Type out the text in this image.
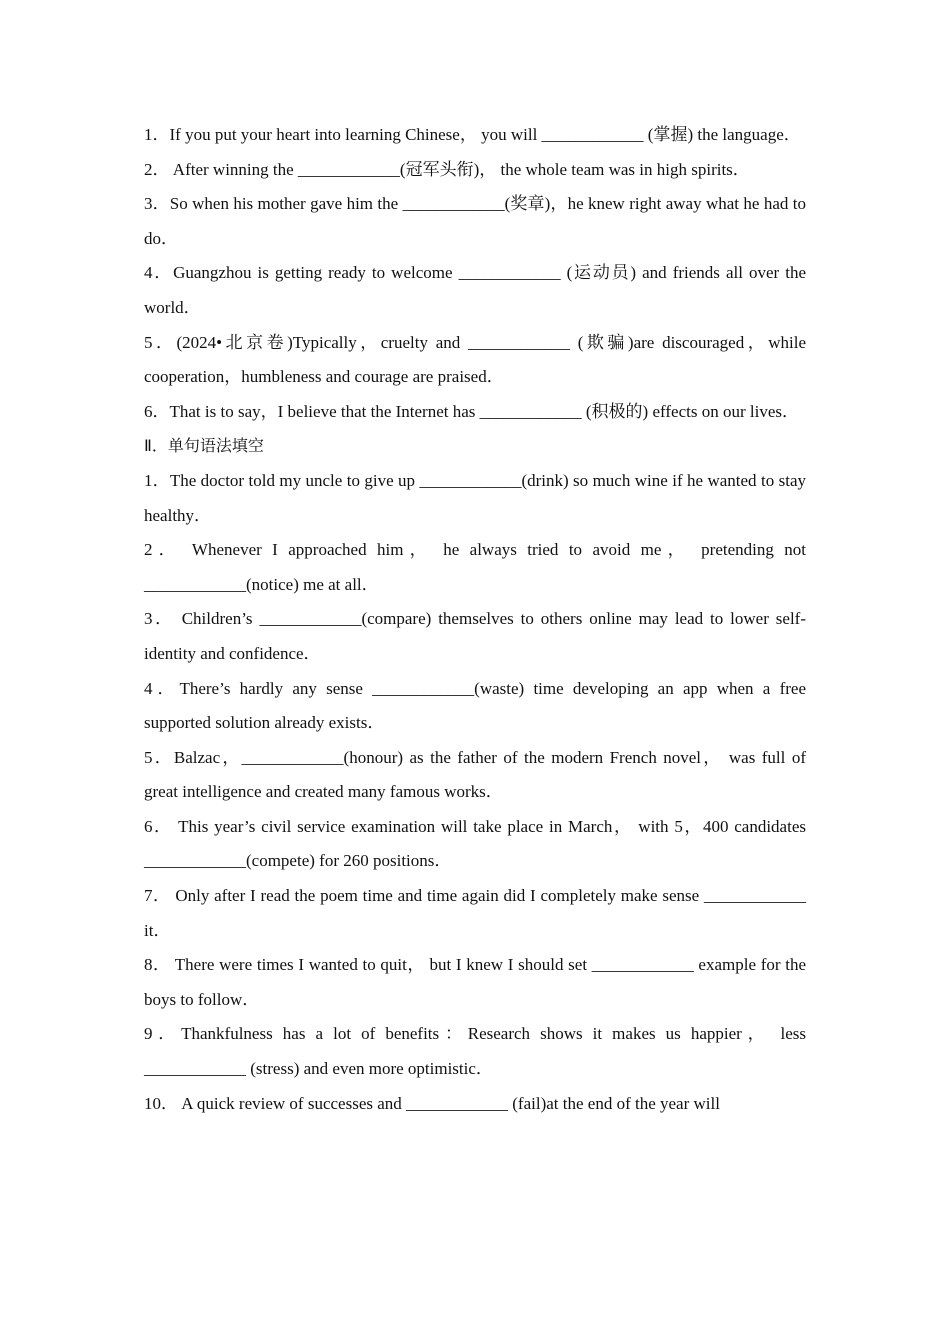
1．If you put your heart into learning Chinese， you will ____________ (掌握) the language．

2． After winning the ____________(冠军头衔)， the whole team was in high spirits．

3．So when his mother gave him the ____________(奖章)，he knew right away what he had to do．

4．Guangzhou is getting ready to welcome ____________ (运动员) and friends all over the world．

5．(2024•北京卷)Typically，cruelty and ____________ (欺骗)are discouraged，while cooperation，humbleness and courage are praised．

6．That is to say，I believe that the Internet has ____________ (积极的) effects on our lives．

Ⅱ．单句语法填空

1．The doctor told my uncle to give up ____________(drink) so much wine if he wanted to stay healthy．

2． Whenever I approached him， he always tried to avoid me， pretending not ____________(notice) me at all．

3． Children’s ____________(compare) themselves to others online may lead to lower self-identity and confidence．

4．There’s hardly any sense ____________(waste) time developing an app when a free supported solution already exists．

5．Balzac，____________(honour) as the father of the modern French novel， was full of great intelligence and created many famous works．

6． This year’s civil service examination will take place in March， with 5，400 candidates ____________(compete) for 260 positions．

7． Only after I read the poem time and time again did I completely make sense ____________ it．

8． There were times I wanted to quit， but I knew I should set ____________ example for the boys to follow．

9．Thankfulness has a lot of benefits：Research shows it makes us happier， less ____________ (stress) and even more optimistic．

10． A quick review of successes and ____________ (fail)at the end of the year will
